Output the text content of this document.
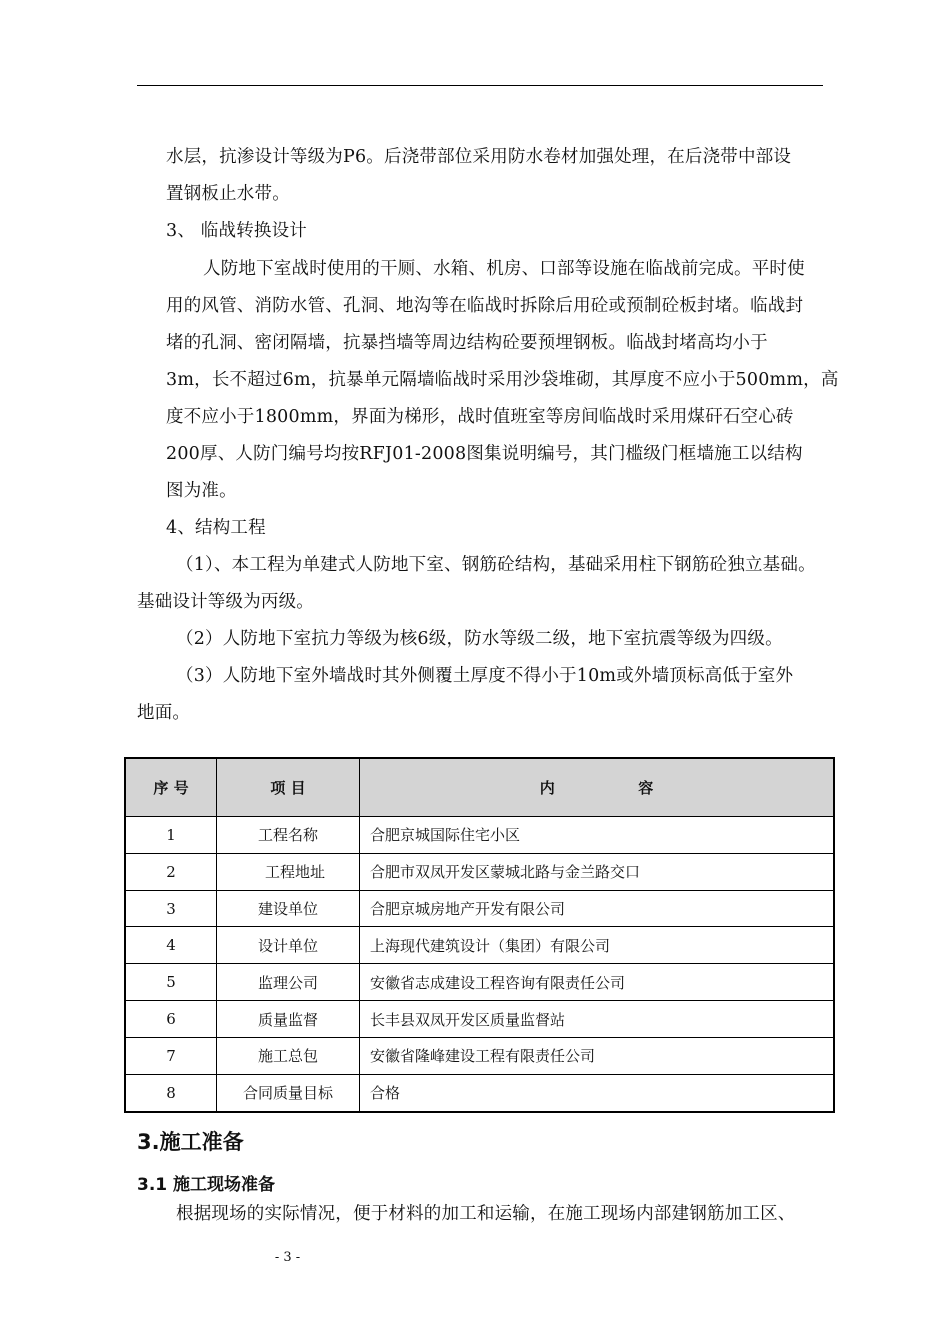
水层，抗渗设计等级为P6。后浇带部位采用防水卷材加强处理，在后浇带中部设
置钢板止水带。
3、 临战转换设计
人防地下室战时使用的干厕、水箱、机房、口部等设施在临战前完成。平时使
用的风管、消防水管、孔洞、地沟等在临战时拆除后用砼或预制砼板封堵。临战封
堵的孔洞、密闭隔墙，抗暴挡墙等周边结构砼要预埋钢板。临战封堵高均小于
3m，长不超过6m，抗暴单元隔墙临战时采用沙袋堆砌，其厚度不应小于500mm，高
度不应小于1800mm，界面为梯形，战时值班室等房间临战时采用煤矸石空心砖
200厚、人防门编号均按RFJ01-2008图集说明编号，其门槛级门框墙施工以结构
图为准。
4、结构工程
（1）、本工程为单建式人防地下室、钢筋砼结构，基础采用柱下钢筋砼独立基础。
基础设计等级为丙级。
（2）人防地下室抗力等级为核6级，防水等级二级，地下室抗震等级为四级。
（3）人防地下室外墙战时其外侧覆土厚度不得小于10m或外墙顶标高低于室外
地面。
序 号	项 目	内                容
1	工程名称	合肥京城国际住宅小区
2	工程地址	合肥市双凤开发区蒙城北路与金兰路交口
3	建设单位	合肥京城房地产开发有限公司
4	设计单位	上海现代建筑设计（集团）有限公司
5	监理公司	安徽省志成建设工程咨询有限责任公司
6	质量监督	长丰县双凤开发区质量监督站
7	施工总包	安徽省隆峰建设工程有限责任公司
8	合同质量目标	合格
3.施工准备
3.1 施工现场准备
根据现场的实际情况，便于材料的加工和运输，在施工现场内部建钢筋加工区、
- 3 -
